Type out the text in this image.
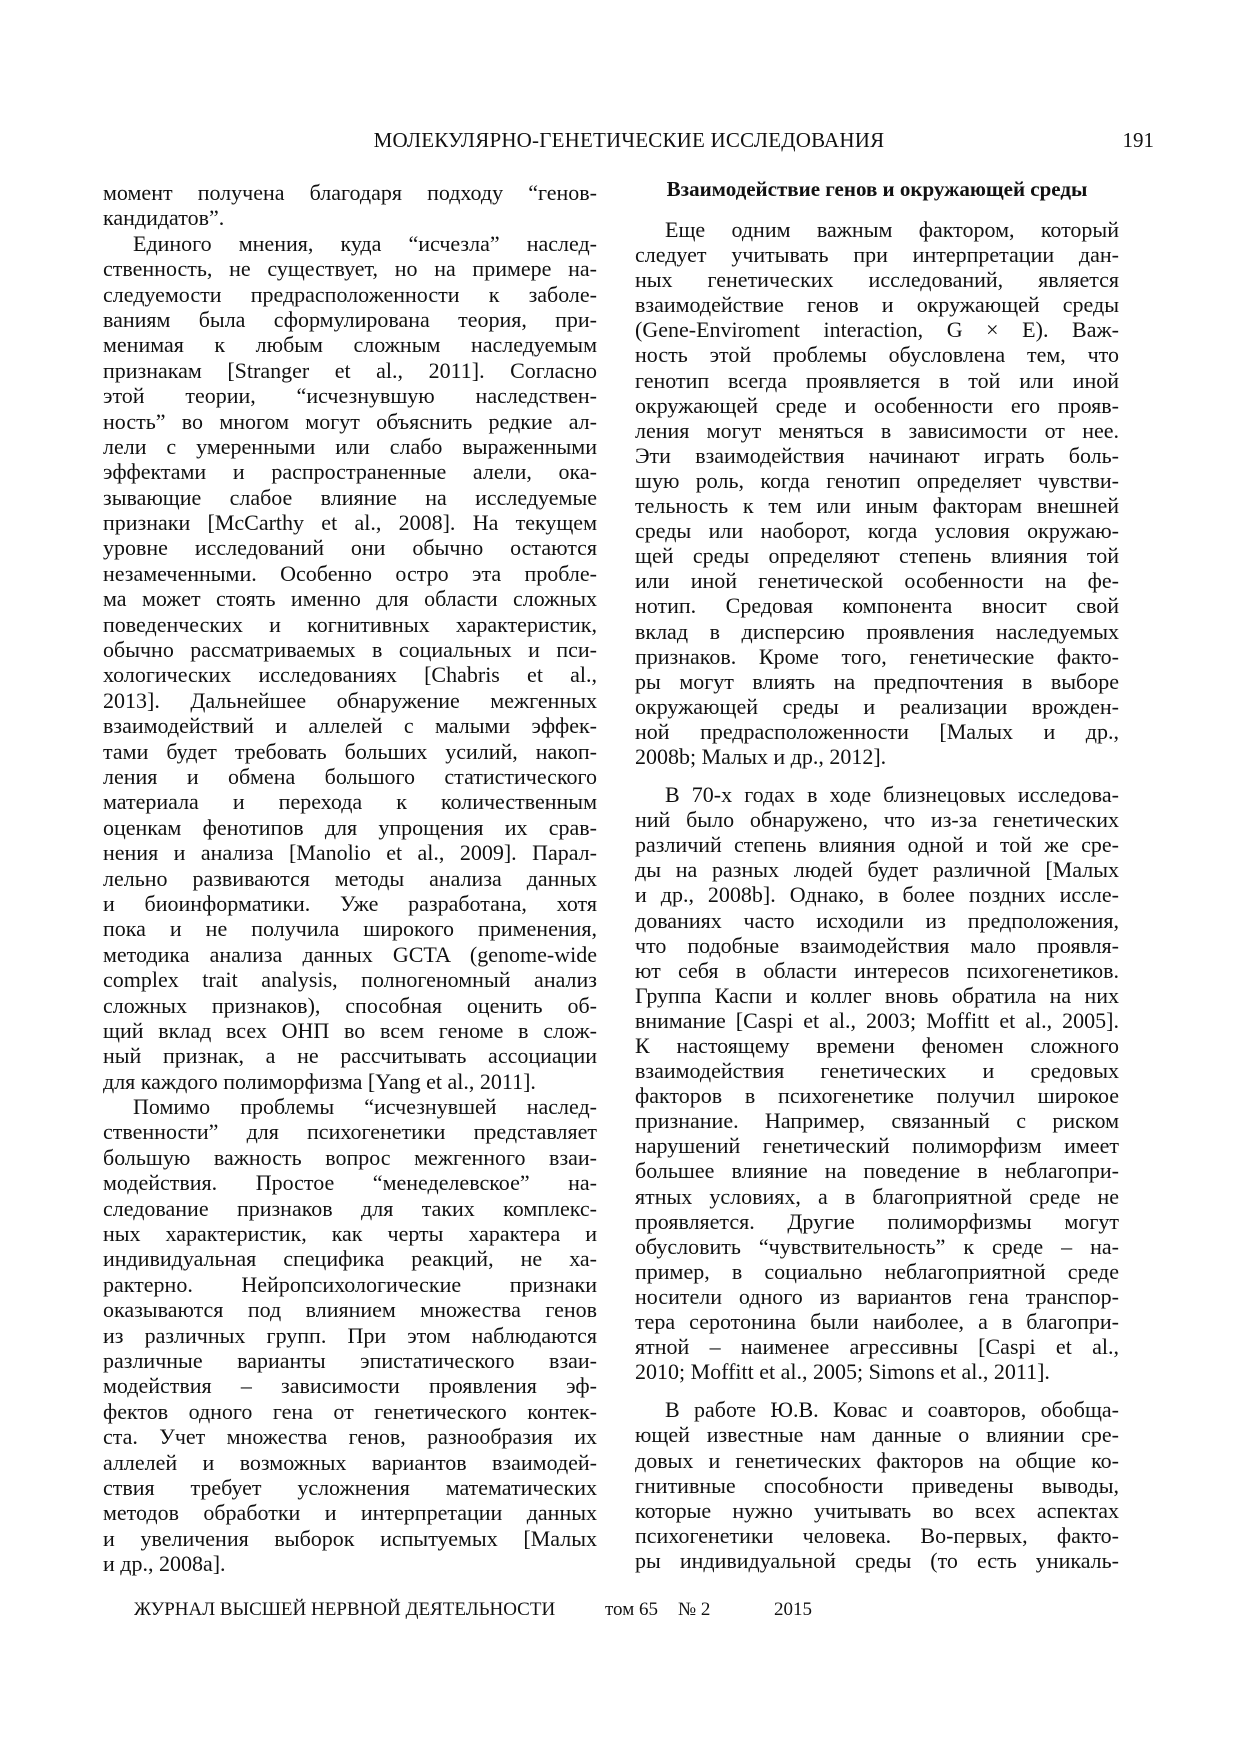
МОЛЕКУЛЯРНО-ГЕНЕТИЧЕСКИЕ ИССЛЕДОВАНИЯ	191
момент получена благодаря подходу “генов-
кандидатов”.
Единого мнения, куда “исчезла” наслед-
ственность, не существует, но на примере на-
следуемости предрасположенности к заболе-
ваниям была сформулирована теория, при-
менимая к любым сложным наследуемым
признакам [Stranger et al., 2011]. Согласно
этой теории, “исчезнувшую наследствен-
ность” во многом могут объяснить редкие ал-
лели с умеренными или слабо выраженными
эффектами и распространенные алели, ока-
зывающие слабое влияние на исследуемые
признаки [McCarthy et al., 2008]. На текущем
уровне исследований они обычно остаются
незамеченными. Особенно остро эта пробле-
ма может стоять именно для области сложных
поведенческих и когнитивных характеристик,
обычно рассматриваемых в социальных и пси-
хологических исследованиях [Chabris et al.,
2013]. Дальнейшее обнаружение межгенных
взаимодействий и аллелей с малыми эффек-
тами будет требовать больших усилий, накоп-
ления и обмена большого статистического
материала и перехода к количественным
оценкам фенотипов для упрощения их срав-
нения и анализа [Manolio et al., 2009]. Парал-
лельно развиваются методы анализа данных
и биоинформатики. Уже разработана, хотя
пока и не получила широкого применения,
методика анализа данных GCTA (genome-wide
complex trait analysis, полногеномный анализ
сложных признаков), способная оценить об-
щий вклад всех ОНП во всем геноме в слож-
ный признак, а не рассчитывать ассоциации
для каждого полиморфизма [Yang et al., 2011].
Помимо проблемы “исчезнувшей наслед-
ственности” для психогенетики представляет
большую важность вопрос межгенного взаи-
модействия. Простое “менеделевское” на-
следование признаков для таких комплекс-
ных характеристик, как черты характера и
индивидуальная специфика реакций, не ха-
рактерно. Нейропсихологические признаки
оказываются под влиянием множества генов
из различных групп. При этом наблюдаются
различные варианты эпистатического взаи-
модействия – зависимости проявления эф-
фектов одного гена от генетического контек-
ста. Учет множества генов, разнообразия их
аллелей и возможных вариантов взаимодей-
ствия требует усложнения математических
методов обработки и интерпретации данных
и увеличения выборок испытуемых [Малых
и др., 2008а].
Взаимодействие генов и окружающей среды
Еще одним важным фактором, который
следует учитывать при интерпретации дан-
ных генетических исследований, является
взаимодействие генов и окружающей среды
(Gene-Enviroment interaction, G × E). Важ-
ность этой проблемы обусловлена тем, что
генотип всегда проявляется в той или иной
окружающей среде и особенности его прояв-
ления могут меняться в зависимости от нее.
Эти взаимодействия начинают играть боль-
шую роль, когда генотип определяет чувстви-
тельность к тем или иным факторам внешней
среды или наоборот, когда условия окружаю-
щей среды определяют степень влияния той
или иной генетической особенности на фе-
нотип. Средовая компонента вносит свой
вклад в дисперсию проявления наследуемых
признаков. Кроме того, генетические факто-
ры могут влиять на предпочтения в выборе
окружающей среды и реализации врожден-
ной предрасположенности [Малых и др.,
2008b; Малых и др., 2012].
В 70-х годах в ходе близнецовых исследова-
ний было обнаружено, что из-за генетических
различий степень влияния одной и той же сре-
ды на разных людей будет различной [Малых
и др., 2008b]. Однако, в более поздних иссле-
дованиях часто исходили из предположения,
что подобные взаимодействия мало проявля-
ют себя в области интересов психогенетиков.
Группа Каспи и коллег вновь обратила на них
внимание [Caspi et al., 2003; Moffitt et al., 2005].
К настоящему времени феномен сложного
взаимодействия генетических и средовых
факторов в психогенетике получил широкое
признание. Например, связанный с риском
нарушений генетический полиморфизм имеет
большее влияние на поведение в неблагопри-
ятных условиях, а в благоприятной среде не
проявляется. Другие полиморфизмы могут
обусловить “чувствительность” к среде – на-
пример, в социально неблагоприятной среде
носители одного из вариантов гена транспор-
тера серотонина были наиболее, а в благопри-
ятной – наименее агрессивны [Caspi et al.,
2010; Moffitt et al., 2005; Simons et al., 2011].
В работе Ю.В. Ковас и соавторов, обобща-
ющей известные нам данные о влиянии сре-
довых и генетических факторов на общие ко-
гнитивные способности приведены выводы,
которые нужно учитывать во всех аспектах
психогенетики человека. Во-первых, факто-
ры индивидуальной среды (то есть уникаль-
ЖУРНАЛ ВЫСШЕЙ НЕРВНОЙ ДЕЯТЕЛЬНОСТИ	том 65 № 2	2015
